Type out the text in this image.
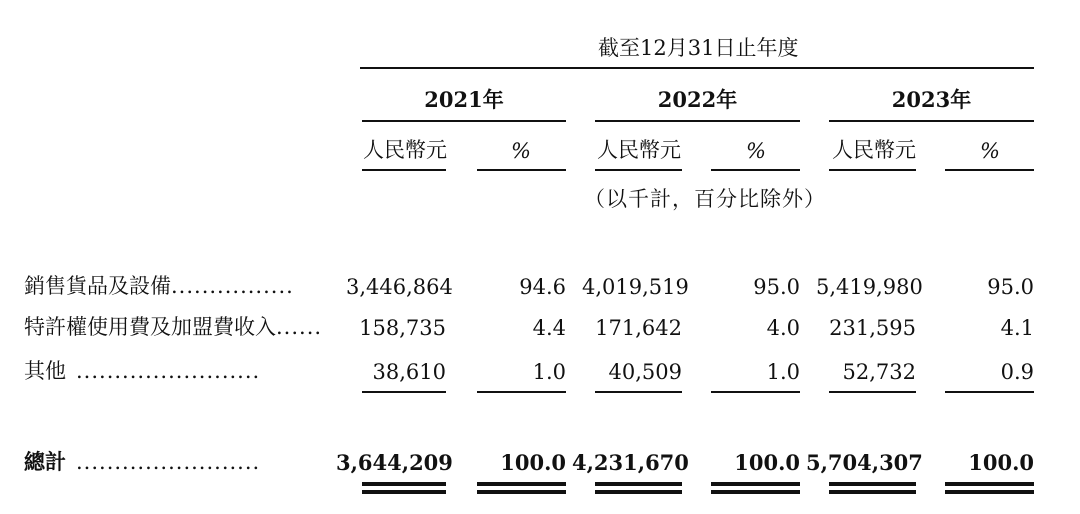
截至12月31日止年度
2021年	2022年	2023年
人民幣元	%	人民幣元	%	人民幣元	%
（以千計，百分比除外）
銷售貨品及設備................ 3,446,864	94.6 4,019,519	95.0 5,419,980	95.0
特許權使用費及加盟費收入......	158,735	4.4	171,642	4.0	231,595	4.1
其他 ........................	38,610	1.0	40,509	1.0	52,732	0.9
總計 ........................	3,644,209	100.0 4,231,670	100.0 5,704,307	100.0
